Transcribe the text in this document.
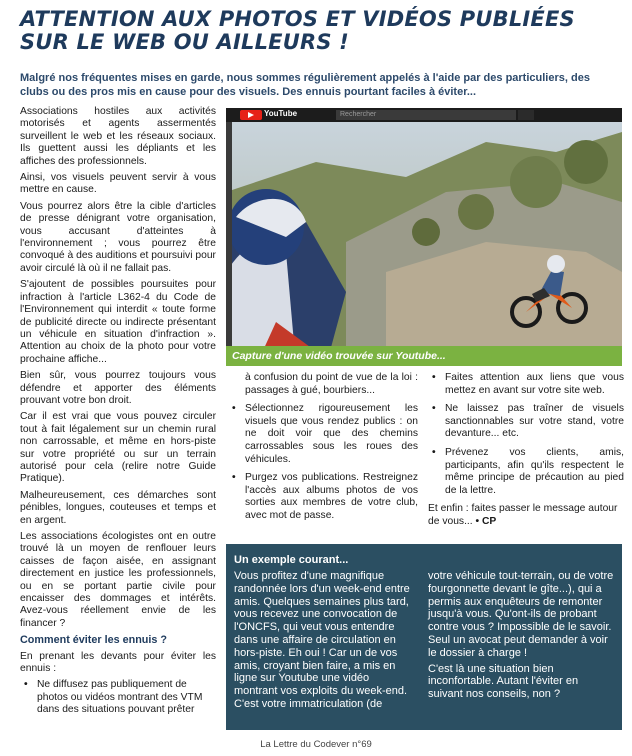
ATTENTION AUX PHOTOS ET VIDÉOS PUBLIÉES SUR LE WEB OU AILLEURS !
Malgré nos fréquentes mises en garde, nous sommes régulièrement appelés à l'aide par des particuliers, des clubs ou des pros mis en cause pour des visuels. Des ennuis pourtant faciles à éviter...

Associations hostiles aux activités motorisés et agents assermentés surveillent le web et les réseaux sociaux. Ils guettent aussi les dépliants et les affiches des professionnels.

Ainsi, vos visuels peuvent servir à vous mettre en cause.

Vous pourrez alors être la cible d'articles de presse dénigrant votre organisation, vous accusant d'atteintes à l'environnement ; vous pourrez être convoqué à des auditions et poursuivi pour avoir circulé là où il ne fallait pas.

S'ajoutent de possibles poursuites pour infraction à l'article L362-4 du Code de l'Environnement qui interdit « toute forme de publicité directe ou indirecte présentant un véhicule en situation d'infraction ». Attention au choix de la photo pour votre prochaine affiche...

Bien sûr, vous pourrez toujours vous défendre et apporter des éléments prouvant votre bon droit.

Car il est vrai que vous pouvez circuler tout à fait légalement sur un chemin rural non carrossable, et même en hors-piste sur votre propriété ou sur un terrain autorisé pour cela (relire notre Guide Pratique).

Malheureusement, ces démarches sont pénibles, longues, couteuses et temps et en argent.

Les associations écologistes ont en outre trouvé là un moyen de renflouer leurs caisses de façon aisée, en assignant directement en justice les professionnels, ou en se portant partie civile pour encaisser des dommages et intérêts. Avez-vous réellement envie de les financer ?

Comment éviter les ennuis ?

En prenant les devants pour éviter les ennuis :

• Ne diffusez pas publiquement de photos ou vidéos montrant des VTM dans des situations pouvant prêter
YouTube	Rechercher
Capture d'une vidéo trouvée sur Youtube...

à confusion du point de vue de la loi : passages à gué, bourbiers...

• Sélectionnez rigoureusement les visuels que vous rendez publics : on ne doit voir que des chemins carrossables sous les roues des véhicules.
• Purgez vos publications. Restreignez l'accès aux albums photos de vos sorties aux membres de votre club, avec mot de passe.
• Faites attention aux liens que vous mettez en avant sur votre site web.
• Ne laissez pas traîner de visuels sanctionnables sur votre stand, votre devanture... etc.
• Prévenez vos clients, amis, participants, afin qu'ils respectent le même principe de précaution au pied de la lettre.

Et enfin : faites passer le message autour de vous... • CP

Un exemple courant...

Vous profitez d'une magnifique randonnée lors d'un week-end entre amis. Quelques semaines plus tard, vous recevez une convocation de l'ONCFS, qui veut vous entendre dans une affaire de circulation en hors-piste. Eh oui ! Car un de vos amis, croyant bien faire, a mis en ligne sur Youtube une vidéo montrant vos exploits du week-end. C'est votre immatriculation (de

votre véhicule tout-terrain, ou de votre fourgonnette devant le gîte...), qui a permis aux enquêteurs de remonter jusqu'à vous. Qu'ont-ils de probant contre vous ? Impossible de le savoir. Seul un avocat peut demander à voir le dossier à charge !

C'est là une situation bien inconfortable. Autant l'éviter en suivant nos conseils, non ?

La Lettre du Codever n°69
